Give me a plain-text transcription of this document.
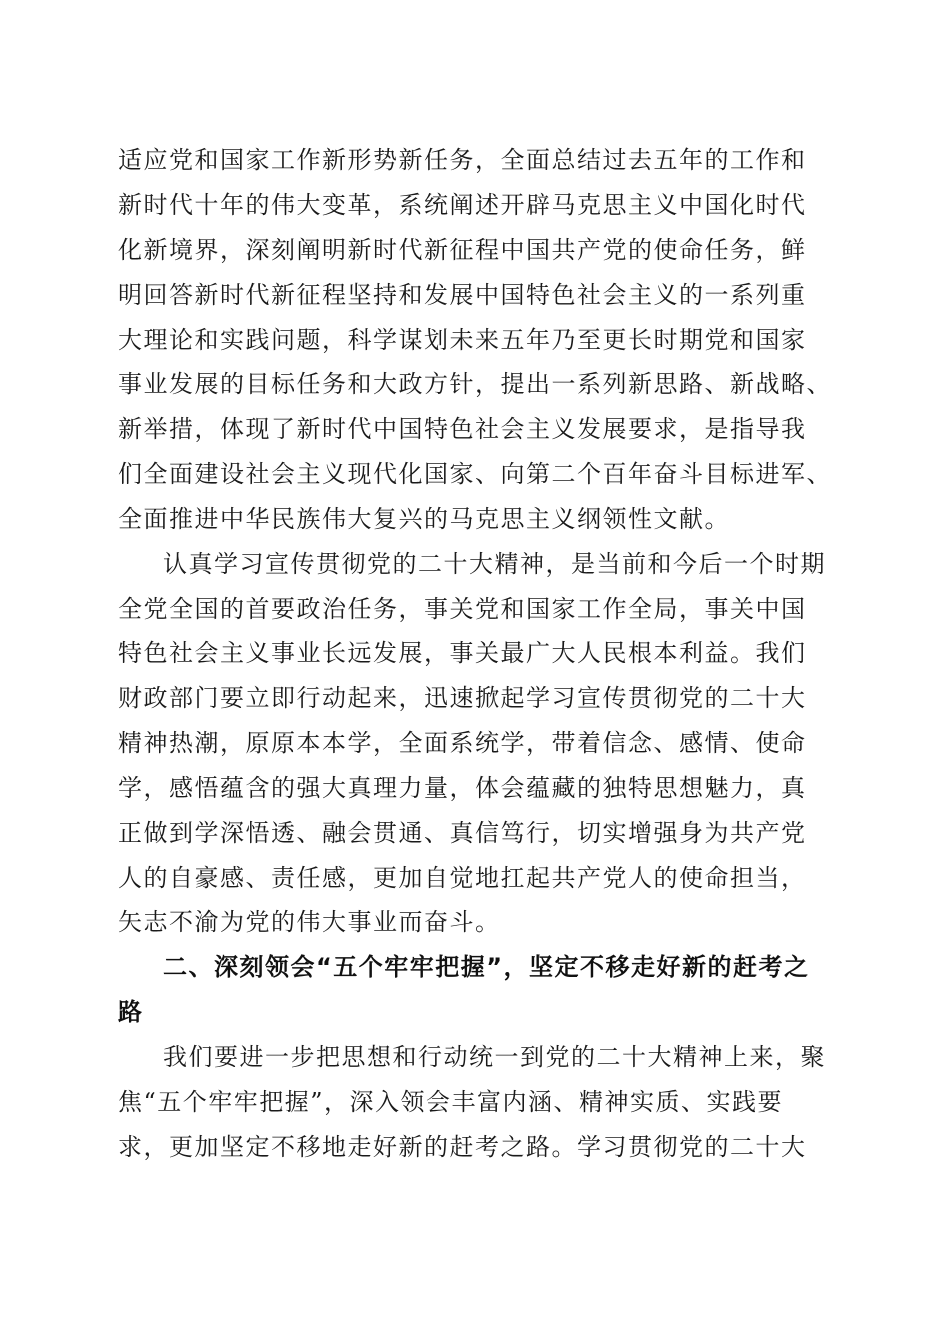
适应党和国家工作新形势新任务，全面总结过去五年的工作和
新时代十年的伟大变革，系统阐述开辟马克思主义中国化时代
化新境界，深刻阐明新时代新征程中国共产党的使命任务，鲜
明回答新时代新征程坚持和发展中国特色社会主义的一系列重
大理论和实践问题，科学谋划未来五年乃至更长时期党和国家
事业发展的目标任务和大政方针，提出一系列新思路、新战略、
新举措，体现了新时代中国特色社会主义发展要求，是指导我
们全面建设社会主义现代化国家、向第二个百年奋斗目标进军、
全面推进中华民族伟大复兴的马克思主义纲领性文献。
认真学习宣传贯彻党的二十大精神，是当前和今后一个时期
全党全国的首要政治任务，事关党和国家工作全局，事关中国
特色社会主义事业长远发展，事关最广大人民根本利益。我们
财政部门要立即行动起来，迅速掀起学习宣传贯彻党的二十大
精神热潮，原原本本学，全面系统学，带着信念、感情、使命
学，感悟蕴含的强大真理力量，体会蕴藏的独特思想魅力，真
正做到学深悟透、融会贯通、真信笃行，切实增强身为共产党
人的自豪感、责任感，更加自觉地扛起共产党人的使命担当，
矢志不渝为党的伟大事业而奋斗。
二、深刻领会“五个牢牢把握”，坚定不移走好新的赶考之
路
我们要进一步把思想和行动统一到党的二十大精神上来，聚
焦“五个牢牢把握”，深入领会丰富内涵、精神实质、实践要
求，更加坚定不移地走好新的赶考之路。学习贯彻党的二十大
